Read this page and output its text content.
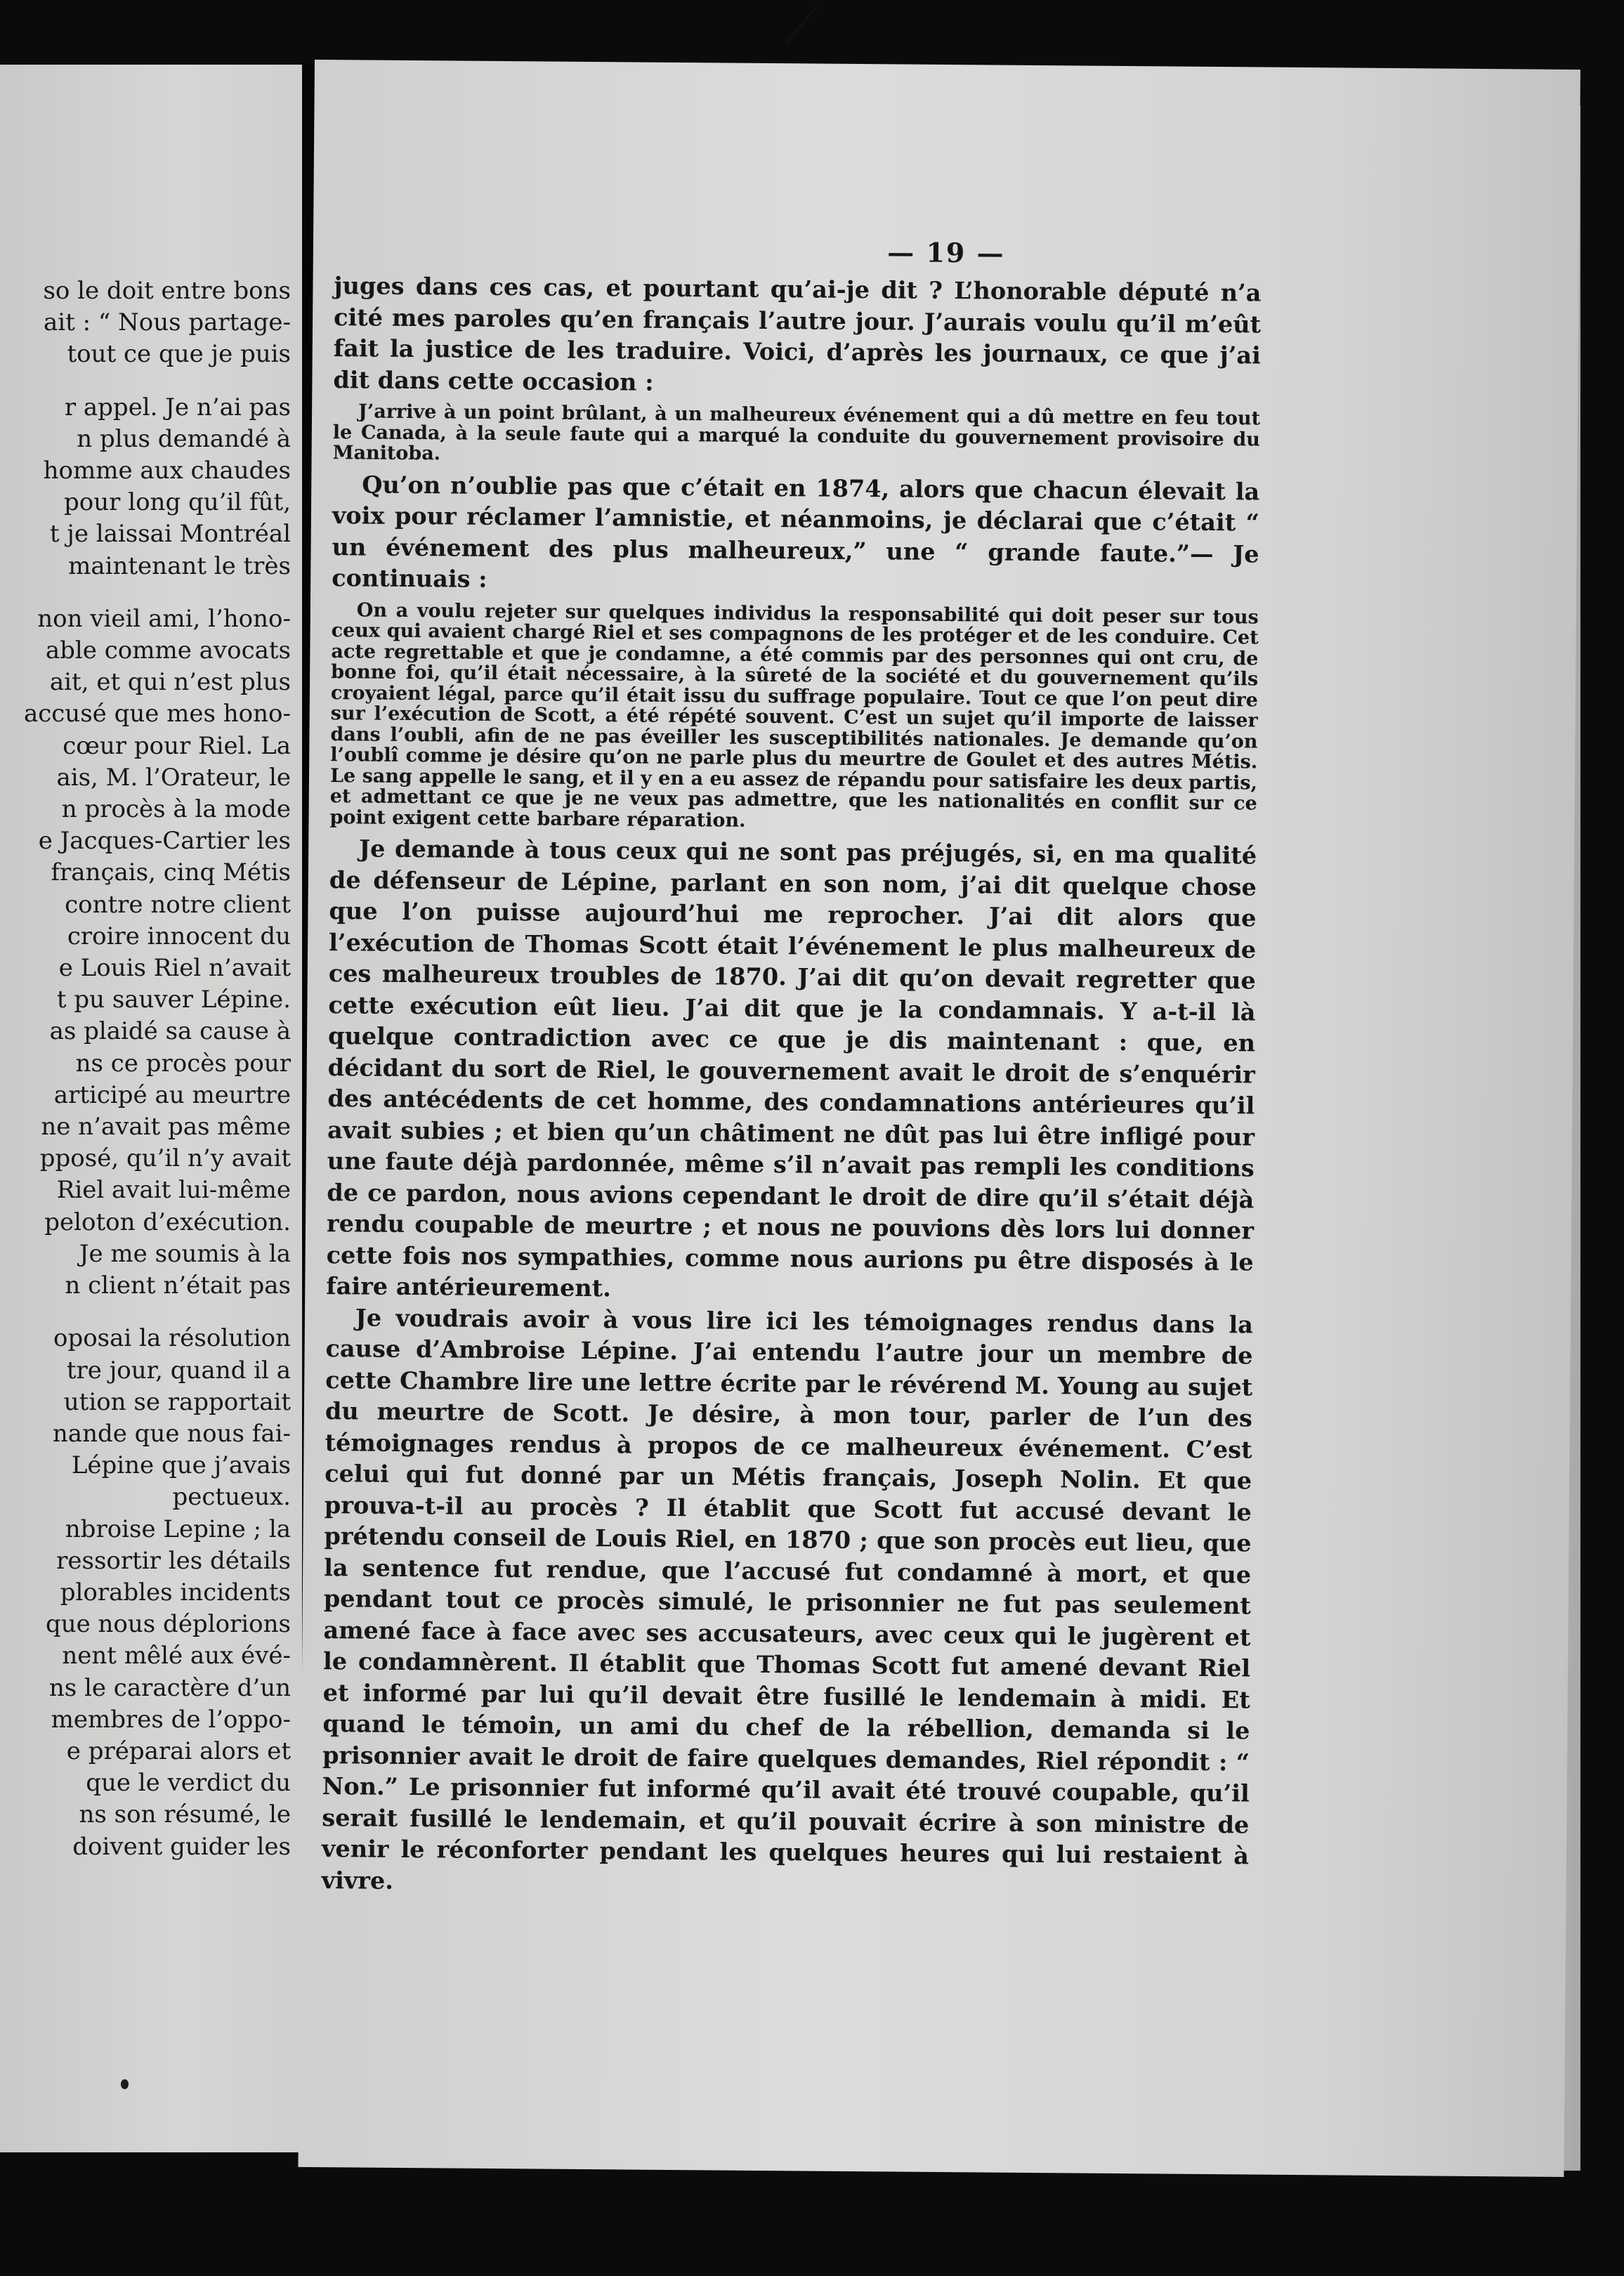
so le doit entre bons
ait : “ Nous partage-
tout ce que je puis
r appel. Je n’ai pas
n plus demandé à
homme aux chaudes
pour long qu’il fût,
t je laissai Montréal
maintenant le très
non vieil ami, l’hono-
able comme avocats
ait, et qui n’est plus
accusé que mes hono-
cœur pour Riel. La
ais, M. l’Orateur, le
n procès à la mode
e Jacques-Cartier les
français, cinq Métis
contre notre client
croire innocent du
e Louis Riel n’avait
t pu sauver Lépine.
as plaidé sa cause à
ns ce procès pour
articipé au meurtre
ne n’avait pas même
pposé, qu’il n’y avait
Riel avait lui-même
peloton d’exécution.
Je me soumis à la
n client n’était pas
oposai la résolution
tre jour, quand il a
ution se rapportait
nande que nous fai-
Lépine que j’avais
pectueux.
nbroise Lepine ; la
ressortir les détails
plorables incidents
que nous déplorions
nent mêlé aux évé-
ns le caractère d’un
membres de l’oppo-
e préparai alors et
que le verdict du
ns son résumé, le
doivent guider les
— 19 —

juges dans ces cas, et pourtant qu’ai-je dit ? L’honorable député n’a cité mes paroles qu’en français l’autre jour. J’aurais voulu qu’il m’eût fait la justice de les traduire. Voici, d’après les journaux, ce que j’ai dit dans cette occasion :

J’arrive à un point brûlant, à un malheureux événement qui a dû mettre en feu tout le Canada, à la seule faute qui a marqué la conduite du gouvernement provisoire du Manitoba.

Qu’on n’oublie pas que c’était en 1874, alors que chacun élevait la voix pour réclamer l’amnistie, et néanmoins, je déclarai que c’était “ un événement des plus malheureux,” une “ grande faute.”— Je continuais :

On a voulu rejeter sur quelques individus la responsabilité qui doit peser sur tous ceux qui avaient chargé Riel et ses compagnons de les protéger et de les conduire. Cet acte regrettable et que je condamne, a été commis par des personnes qui ont cru, de bonne foi, qu’il était nécessaire, à la sûreté de la société et du gouvernement qu’ils croyaient légal, parce qu’il était issu du suffrage populaire. Tout ce que l’on peut dire sur l’exécution de Scott, a été répété souvent. C’est un sujet qu’il importe de laisser dans l’oubli, afin de ne pas éveiller les susceptibilités nationales. Je demande qu’on l’oublî comme je désire qu’on ne parle plus du meurtre de Goulet et des autres Métis. Le sang appelle le sang, et il y en a eu assez de répandu pour satisfaire les deux partis, et admettant ce que je ne veux pas admettre, que les nationalités en conflit sur ce point exigent cette barbare réparation.

Je demande à tous ceux qui ne sont pas préjugés, si, en ma qualité de défenseur de Lépine, parlant en son nom, j’ai dit quelque chose que l’on puisse aujourd’hui me reprocher. J’ai dit alors que l’exécution de Thomas Scott était l’événement le plus malheureux de ces malheureux troubles de 1870. J’ai dit qu’on devait regretter que cette exécution eût lieu. J’ai dit que je la condamnais. Y a-t-il là quelque contradiction avec ce que je dis maintenant : que, en décidant du sort de Riel, le gouvernement avait le droit de s’enquérir des antécédents de cet homme, des condamnations antérieures qu’il avait subies ; et bien qu’un châtiment ne dût pas lui être infligé pour une faute déjà pardonnée, même s’il n’avait pas rempli les conditions de ce pardon, nous avions cependant le droit de dire qu’il s’était déjà rendu coupable de meurtre ; et nous ne pouvions dès lors lui donner cette fois nos sympathies, comme nous aurions pu être disposés à le faire antérieurement.

Je voudrais avoir à vous lire ici les témoignages rendus dans la cause d’Ambroise Lépine. J’ai entendu l’autre jour un membre de cette Chambre lire une lettre écrite par le révérend M. Young au sujet du meurtre de Scott. Je désire, à mon tour, parler de l’un des témoignages rendus à propos de ce malheureux événement. C’est celui qui fut donné par un Métis français, Joseph Nolin. Et que prouva-t-il au procès ? Il établit que Scott fut accusé devant le prétendu conseil de Louis Riel, en 1870 ; que son procès eut lieu, que la sentence fut rendue, que l’accusé fut condamné à mort, et que pendant tout ce procès simulé, le prisonnier ne fut pas seulement amené face à face avec ses accusateurs, avec ceux qui le jugèrent et le condamnèrent. Il établit que Thomas Scott fut amené devant Riel et informé par lui qu’il devait être fusillé le lendemain à midi. Et quand le témoin, un ami du chef de la rébellion, demanda si le prisonnier avait le droit de faire quelques demandes, Riel répondit : “ Non.” Le prisonnier fut informé qu’il avait été trouvé coupable, qu’il serait fusillé le lendemain, et qu’il pouvait écrire à son ministre de venir le réconforter pendant les quelques heures qui lui restaient à vivre.
